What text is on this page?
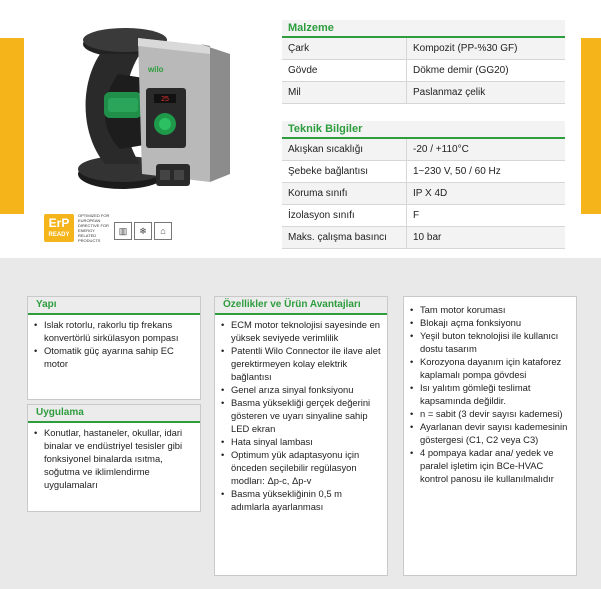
25
wilo
ErP
READY
OPTIMIZED FOR EUROPEAN DIRECTIVE FOR ENERGY RELATED PRODUCTS
▥	❄	⌂
Malzeme
Çark	Kompozit (PP-%30 GF)
Gövde	Dökme demir (GG20)
Mil	Paslanmaz çelik
Teknik Bilgiler
Akışkan sıcaklığı	-20 / +110°C
Şebeke bağlantısı	1~230 V, 50 / 60 Hz
Koruma sınıfı	IP X 4D
İzolasyon sınıfı	F
Maks. çalışma basıncı	10 bar
Yapı
• Islak rotorlu, rakorlu tip frekans konvertörlü sirkülasyon pompası
• Otomatik güç ayarına sahip EC motor
Uygulama
• Konutlar, hastaneler, okullar, idari binalar ve endüstriyel tesisler gibi fonksiyonel binalarda ısıtma, soğutma ve iklimlendirme uygulamaları
Özellikler ve Ürün Avantajları
• ECM motor teknolojisi sayesinde en yüksek seviyede verimlilik
• Patentli Wilo Connector ile ilave alet gerektirmeyen kolay elektrik bağlantısı
• Genel arıza sinyal fonksiyonu
• Basma yüksekliği gerçek değerini gösteren ve uyarı sinyaline sahip LED ekran
• Hata sinyal lambası
• Optimum yük adaptasyonu için önceden seçilebilir regülasyon modları: Δp-c, Δp-v
• Basma yüksekliğinin 0,5 m adımlarla ayarlanması
• Tam motor koruması
• Blokajı açma fonksiyonu
• Yeşil buton teknolojisi ile kullanıcı dostu tasarım
• Korozyona dayanım için kataforez kaplamalı pompa gövdesi
• Isı yalıtım gömleği teslimat kapsamında değildir.
• n = sabit (3 devir sayısı kademesi)
• Ayarlanan devir sayısı kademesinin göstergesi (C1, C2 veya C3)
• 4 pompaya kadar ana/ yedek ve paralel işletim için BCe-HVAC kontrol panosu ile kullanılmalıdır
